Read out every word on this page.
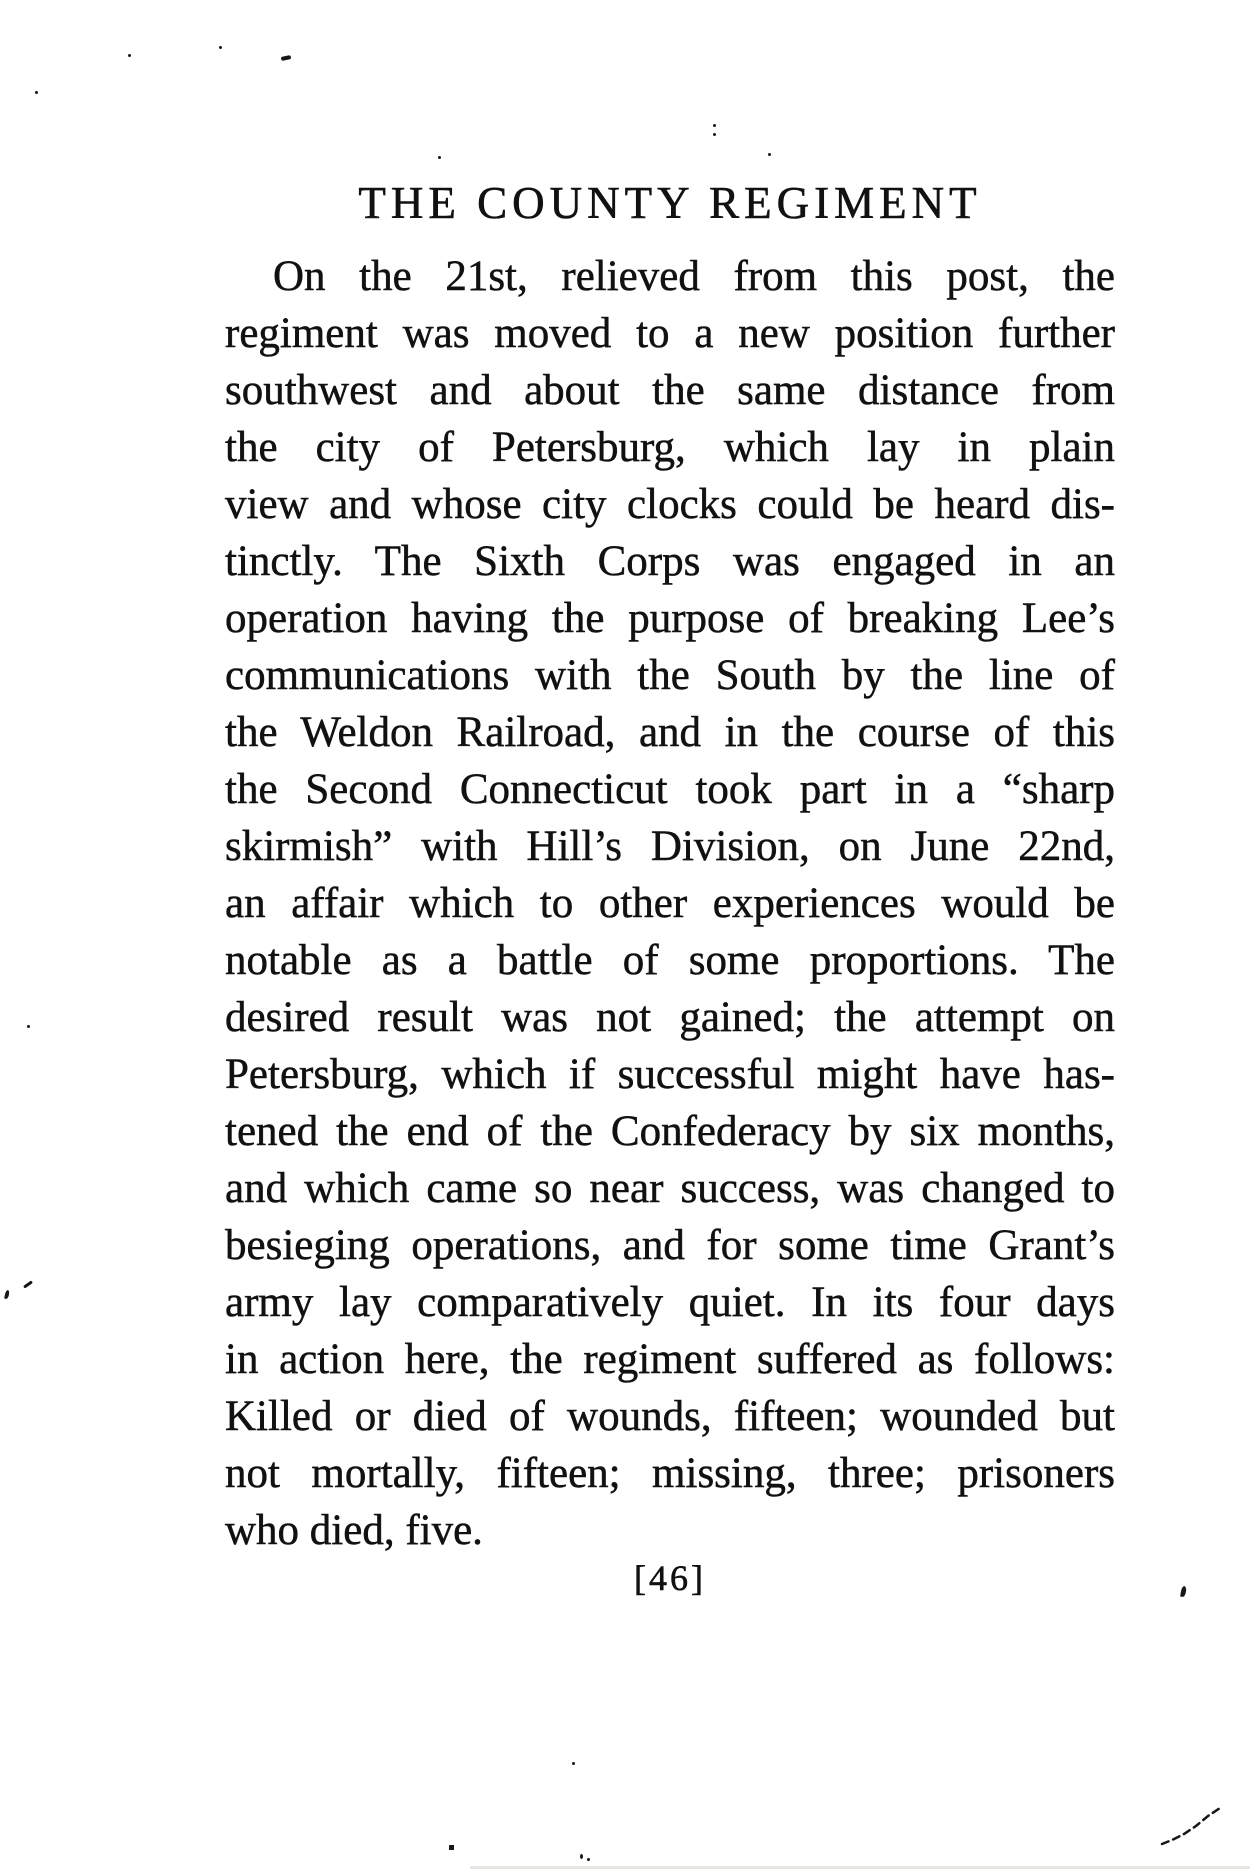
THE COUNTY REGIMENT
On the 21st, relieved from this post, the
regiment was moved to a new position further
southwest and about the same distance from
the city of Petersburg, which lay in plain
view and whose city clocks could be heard dis-
tinctly. The Sixth Corps was engaged in an
operation having the purpose of breaking Lee’s
communications with the South by the line of
the Weldon Railroad, and in the course of this
the Second Connecticut took part in a “sharp
skirmish” with Hill’s Division, on June 22nd,
an affair which to other experiences would be
notable as a battle of some proportions. The
desired result was not gained; the attempt on
Petersburg, which if successful might have has-
tened the end of the Confederacy by six months,
and which came so near success, was changed to
besieging operations, and for some time Grant’s
army lay comparatively quiet. In its four days
in action here, the regiment suffered as follows:
Killed or died of wounds, fifteen; wounded but
not mortally, fifteen; missing, three; prisoners
who died, five.
[46]
